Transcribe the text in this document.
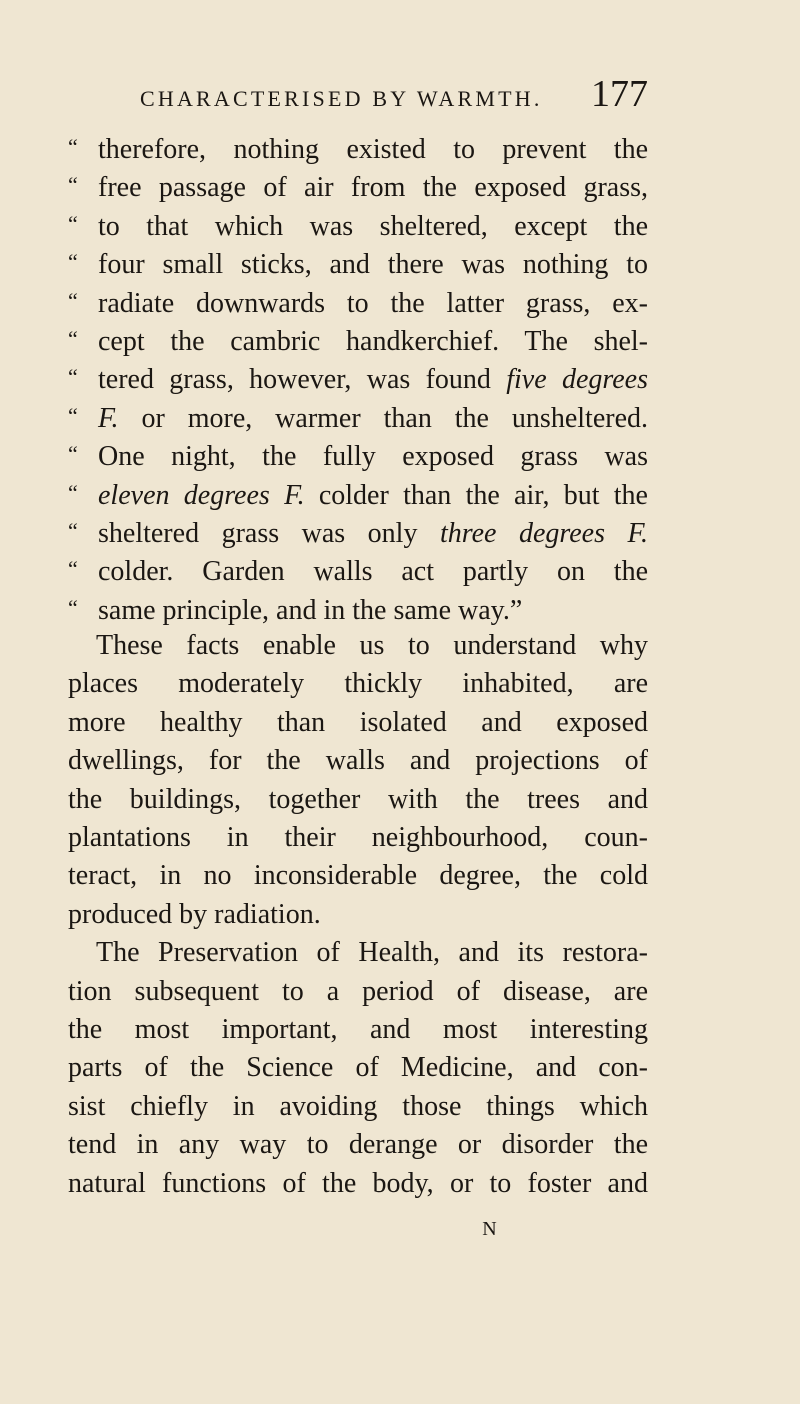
CHARACTERISED BY WARMTH. 177
“ therefore, nothing existed to prevent the
“ free passage of air from the exposed grass,
“ to that which was sheltered, except the
“ four small sticks, and there was nothing to
“ radiate downwards to the latter grass, ex-
“ cept the cambric handkerchief. The shel-
“ tered grass, however, was found five degrees
“ F. or more, warmer than the unsheltered.
“ One night, the fully exposed grass was
“ eleven degrees F. colder than the air, but the
“ sheltered grass was only three degrees F.
“ colder. Garden walls act partly on the
“ same principle, and in the same way.”
These facts enable us to understand why
places moderately thickly inhabited, are
more healthy than isolated and exposed
dwellings, for the walls and projections of
the buildings, together with the trees and
plantations in their neighbourhood, coun-
teract, in no inconsiderable degree, the cold
produced by radiation.
The Preservation of Health, and its restora-
tion subsequent to a period of disease, are
the most important, and most interesting
parts of the Science of Medicine, and con-
sist chiefly in avoiding those things which
tend in any way to derange or disorder the
natural functions of the body, or to foster and
N
